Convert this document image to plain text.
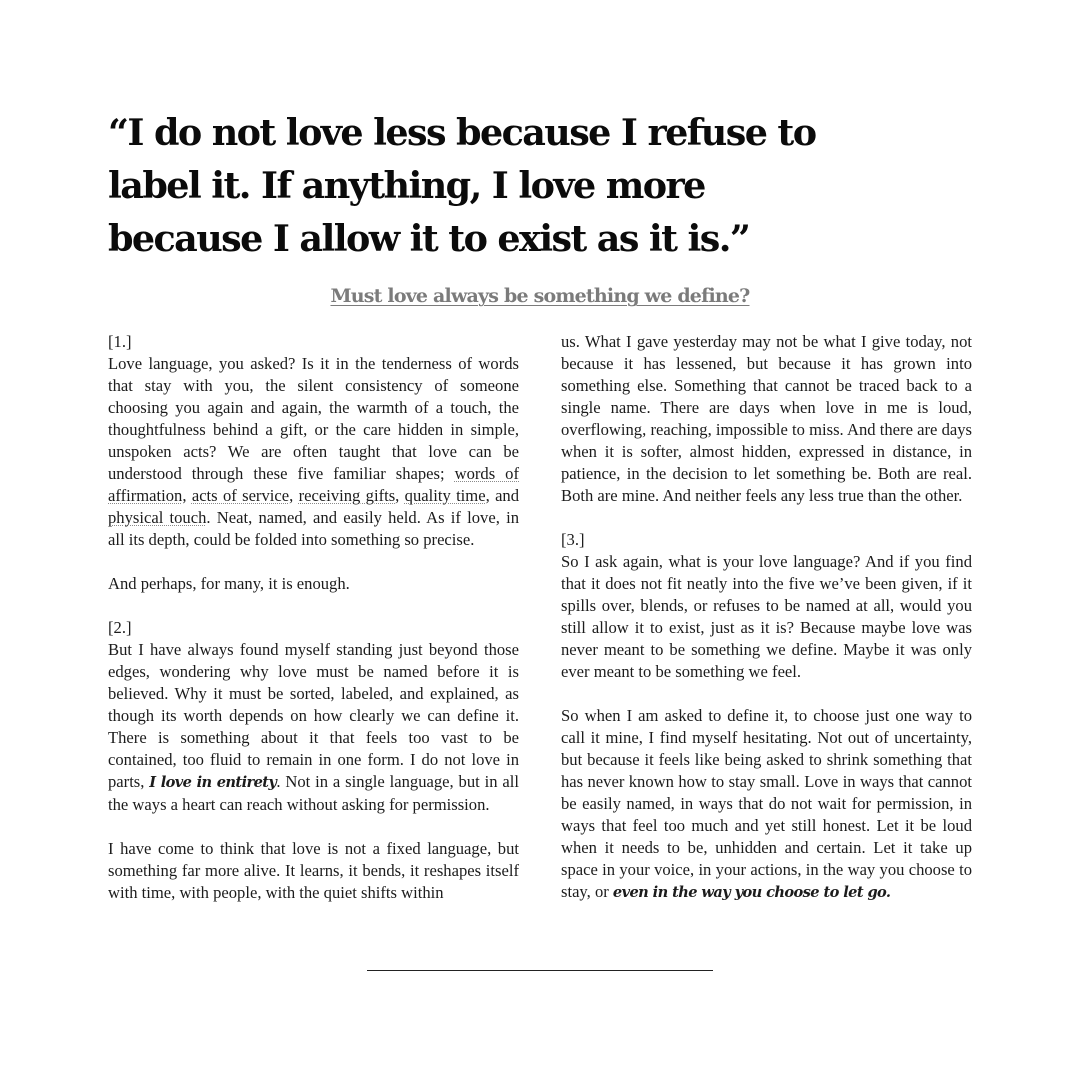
“I do not love less because I refuse to label it. If anything, I love more because I allow it to exist as it is.”
Must love always be something we define?

[1.]

Love language, you asked? Is it in the tenderness of words that stay with you, the silent consistency of someone choosing you again and again, the warmth of a touch, the thoughtfulness behind a gift, or the care hidden in simple, unspoken acts? We are often taught that love can be understood through these five familiar shapes; words of affirmation, acts of service, receiving gifts, quality time, and physical touch. Neat, named, and easily held. As if love, in all its depth, could be folded into something so precise.

And perhaps, for many, it is enough.

[2.]

But I have always found myself standing just beyond those edges, wondering why love must be named before it is believed. Why it must be sorted, labeled, and explained, as though its worth depends on how clearly we can define it. There is something about it that feels too vast to be contained, too fluid to remain in one form. I do not love in parts, I love in entirety. Not in a single language, but in all the ways a heart can reach without asking for permission.

I have come to think that love is not a fixed language, but something far more alive. It learns, it bends, it reshapes itself with time, with people, with the quiet shifts within

us. What I gave yesterday may not be what I give today, not because it has lessened, but because it has grown into something else. Something that cannot be traced back to a single name. There are days when love in me is loud, overflowing, reaching, impossible to miss. And there are days when it is softer, almost hidden, expressed in distance, in patience, in the decision to let something be. Both are real. Both are mine. And neither feels any less true than the other.

[3.]

So I ask again, what is your love language? And if you find that it does not fit neatly into the five we’ve been given, if it spills over, blends, or refuses to be named at all, would you still allow it to exist, just as it is? Because maybe love was never meant to be something we define. Maybe it was only ever meant to be something we feel.

So when I am asked to define it, to choose just one way to call it mine, I find myself hesitating. Not out of uncertainty, but because it feels like being asked to shrink something that has never known how to stay small. Love in ways that cannot be easily named, in ways that do not wait for permission, in ways that feel too much and yet still honest. Let it be loud when it needs to be, unhidden and certain. Let it take up space in your voice, in your actions, in the way you choose to stay, or even in the way you choose to let go.
